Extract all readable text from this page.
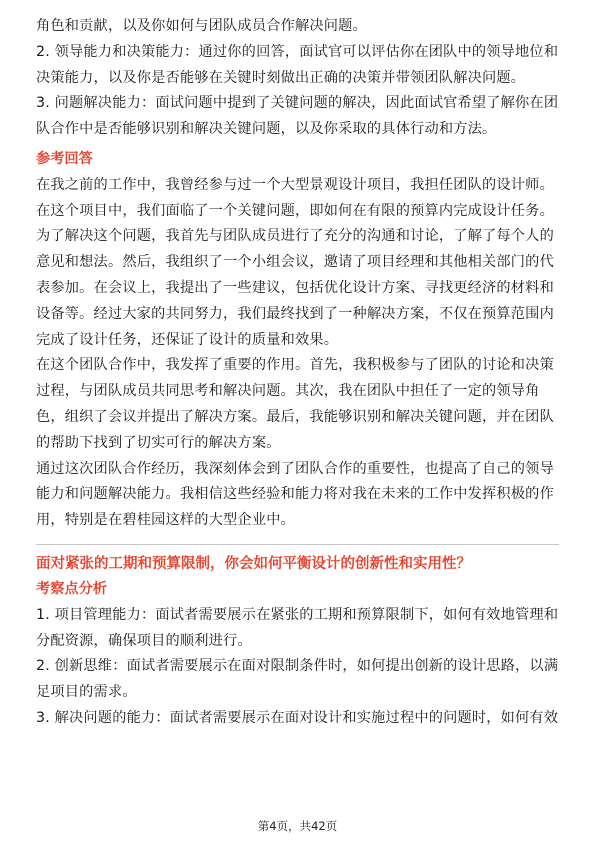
角色和贡献，以及你如何与团队成员合作解决问题。
2. 领导能力和决策能力：通过你的回答，面试官可以评估你在团队中的领导地位和
决策能力，以及你是否能够在关键时刻做出正确的决策并带领团队解决问题。
3. 问题解决能力：面试问题中提到了关键问题的解决，因此面试官希望了解你在团
队合作中是否能够识别和解决关键问题，以及你采取的具体行动和方法。
参考回答
在我之前的工作中，我曾经参与过一个大型景观设计项目，我担任团队的设计师。
在这个项目中，我们面临了一个关键问题，即如何在有限的预算内完成设计任务。
为了解决这个问题，我首先与团队成员进行了充分的沟通和讨论，了解了每个人的
意见和想法。然后，我组织了一个小组会议，邀请了项目经理和其他相关部门的代
表参加。在会议上，我提出了一些建议，包括优化设计方案、寻找更经济的材料和
设备等。经过大家的共同努力，我们最终找到了一种解决方案，不仅在预算范围内
完成了设计任务，还保证了设计的质量和效果。
在这个团队合作中，我发挥了重要的作用。首先，我积极参与了团队的讨论和决策
过程，与团队成员共同思考和解决问题。其次，我在团队中担任了一定的领导角
色，组织了会议并提出了解决方案。最后，我能够识别和解决关键问题，并在团队
的帮助下找到了切实可行的解决方案。
通过这次团队合作经历，我深刻体会到了团队合作的重要性，也提高了自己的领导
能力和问题解决能力。我相信这些经验和能力将对我在未来的工作中发挥积极的作
用，特别是在碧桂园这样的大型企业中。
面对紧张的工期和预算限制，你会如何平衡设计的创新性和实用性？
考察点分析
1. 项目管理能力：面试者需要展示在紧张的工期和预算限制下，如何有效地管理和
分配资源，确保项目的顺利进行。
2. 创新思维：面试者需要展示在面对限制条件时，如何提出创新的设计思路，以满
足项目的需求。
3. 解决问题的能力：面试者需要展示在面对设计和实施过程中的问题时，如何有效
第4页，共42页
